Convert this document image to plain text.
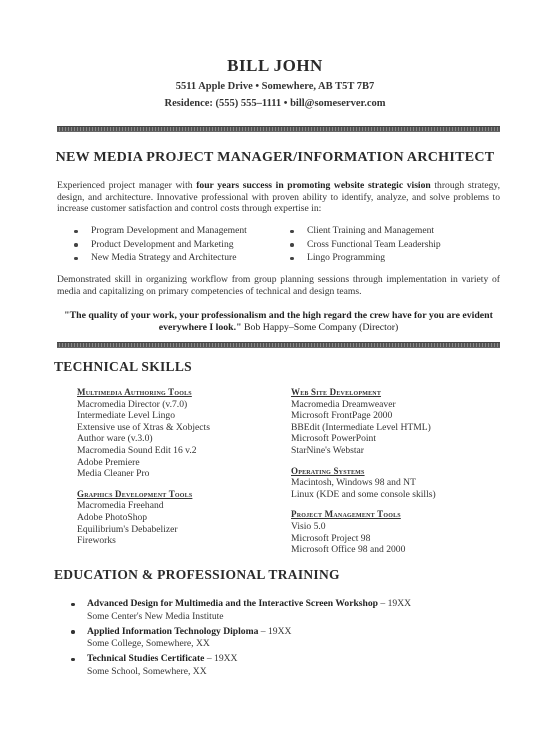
BILL JOHN
5511 Apple Drive • Somewhere, AB T5T 7B7
Residence: (555) 555–1111 • bill@someserver.com
NEW MEDIA PROJECT MANAGER/INFORMATION ARCHITECT
Experienced project manager with four years success in promoting website strategic vision through strategy, design, and architecture. Innovative professional with proven ability to identify, analyze, and solve problems to increase customer satisfaction and control costs through expertise in:
Program Development and Management	Client Training and Management
Product Development and Marketing	Cross Functional Team Leadership
New Media Strategy and Architecture	Lingo Programming
Demonstrated skill in organizing workflow from group planning sessions through implementation in variety of media and capitalizing on primary competencies of technical and design teams.
"The quality of your work, your professionalism and the high regard the crew have for you are evident everywhere I look." Bob Happy–Some Company (Director)
TECHNICAL SKILLS
Multimedia Authoring Tools
Macromedia Director (v.7.0)
Intermediate Level Lingo
Extensive use of Xtras & Xobjects
Author ware (v.3.0)
Macromedia Sound Edit 16 v.2
Adobe Premiere
Media Cleaner Pro
Graphics Development Tools
Macromedia Freehand
Adobe PhotoShop
Equilibrium's Debabelizer
Fireworks
Web Site Development
Macromedia Dreamweaver
Microsoft FrontPage 2000
BBEdit (Intermediate Level HTML)
Microsoft PowerPoint
StarNine's Webstar
Operating Systems
Macintosh, Windows 98 and NT
Linux (KDE and some console skills)
Project Management Tools
Visio 5.0
Microsoft Project 98
Microsoft Office 98 and 2000
EDUCATION & PROFESSIONAL TRAINING
Advanced Design for Multimedia and the Interactive Screen Workshop – 19XX
Some Center's New Media Institute
Applied Information Technology Diploma – 19XX
Some College, Somewhere, XX
Technical Studies Certificate – 19XX
Some School, Somewhere, XX
